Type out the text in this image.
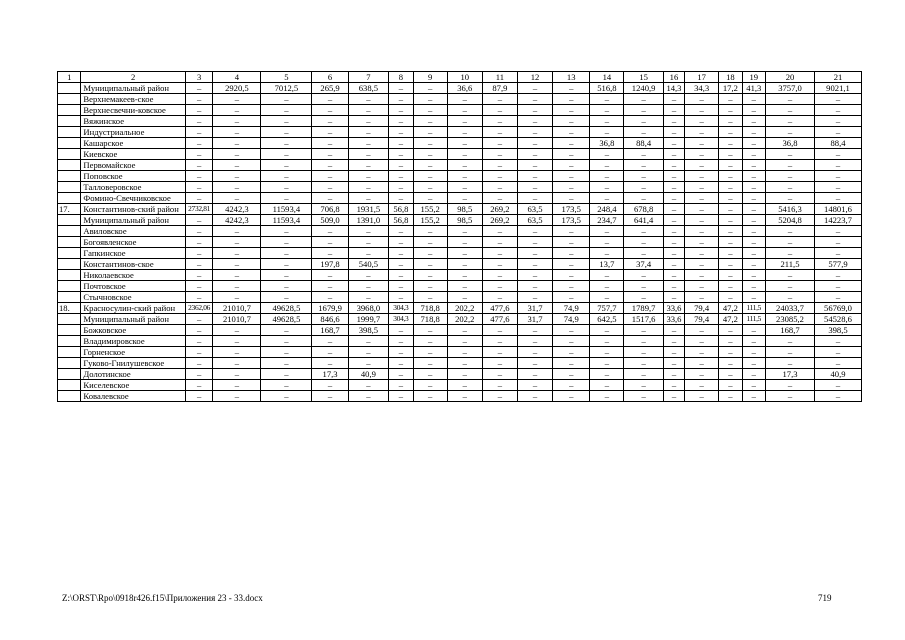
1	2	3	4	5	6	7	8	9	10	11	12	13	14	15	16	17	18	19	20	21
	Муниципальный район	–	2920,5	7012,5	265,9	638,5	–	–	36,6	87,9	–	–	516,8	1240,9	14,3	34,3	17,2	41,3	3757,0	9021,1
	Верхнемакеев-ское	–	–	–	–	–	–	–	–	–	–	–	–	–	–	–	–	–	–	–
	Верхнесвечни-ковское	–	–	–	–	–	–	–	–	–	–	–	–	–	–	–	–	–	–	–
	Вяжинское	–	–	–	–	–	–	–	–	–	–	–	–	–	–	–	–	–	–	–
	Индустриальное	–	–	–	–	–	–	–	–	–	–	–	–	–	–	–	–	–	–	–
	Кашарское	–	–	–	–	–	–	–	–	–	–	–	36,8	88,4	–	–	–	–	36,8	88,4
	Киевское	–	–	–	–	–	–	–	–	–	–	–	–	–	–	–	–	–	–	–
	Первомайское	–	–	–	–	–	–	–	–	–	–	–	–	–	–	–	–	–	–	–
	Поповское	–	–	–	–	–	–	–	–	–	–	–	–	–	–	–	–	–	–	–
	Талловеровское	–	–	–	–	–	–	–	–	–	–	–	–	–	–	–	–	–	–	–
	Фомино-Свечниковское	–	–	–	–	–	–	–	–	–	–	–	–	–	–	–	–	–	–	–
17.	Константинов-ский район	2732,81	4242,3	11593,4	706,8	1931,5	56,8	155,2	98,5	269,2	63,5	173,5	248,4	678,8	–	–	–	–	5416,3	14801,6
	Муниципальный район	–	4242,3	11593,4	509,0	1391,0	56,8	155,2	98,5	269,2	63,5	173,5	234,7	641,4	–	–	–	–	5204,8	14223,7
	Авиловское	–	–	–	–	–	–	–	–	–	–	–	–	–	–	–	–	–	–	–
	Богоявленское	–	–	–	–	–	–	–	–	–	–	–	–	–	–	–	–	–	–	–
	Гапкинское	–	–	–	–	–	–	–	–	–	–	–	–	–	–	–	–	–	–	–
	Константинов-ское	–	–	–	197,8	540,5	–	–	–	–	–	–	13,7	37,4	–	–	–	–	211,5	577,9
	Николаевское	–	–	–	–	–	–	–	–	–	–	–	–	–	–	–	–	–	–	–
	Почтовское	–	–	–	–	–	–	–	–	–	–	–	–	–	–	–	–	–	–	–
	Стычновское	–	–	–	–	–	–	–	–	–	–	–	–	–	–	–	–	–	–	–
18.	Красносулин-ский район	2362,06	21010,7	49628,5	1679,9	3968,0	304,3	718,8	202,2	477,6	31,7	74,9	757,7	1789,7	33,6	79,4	47,2	111,5	24033,7	56769,0
	Муниципальный район	–	21010,7	49628,5	846,6	1999,7	304,3	718,8	202,2	477,6	31,7	74,9	642,5	1517,6	33,6	79,4	47,2	111,5	23085,2	54528,6
	Божковское	–	–	–	168,7	398,5	–	–	–	–	–	–	–	–	–	–	–	–	168,7	398,5
	Владимировское	–	–	–	–	–	–	–	–	–	–	–	–	–	–	–	–	–	–	–
	Горненское	–	–	–	–	–	–	–	–	–	–	–	–	–	–	–	–	–	–	–
	Гуково-Гнилушевское	–	–	–	–	–	–	–	–	–	–	–	–	–	–	–	–	–	–	–
	Долотинское	–	–	–	17,3	40,9	–	–	–	–	–	–	–	–	–	–	–	–	17,3	40,9
	Киселевское	–	–	–	–	–	–	–	–	–	–	–	–	–	–	–	–	–	–	–
	Ковалевское	–	–	–	–	–	–	–	–	–	–	–	–	–	–	–	–	–	–	–
Z:\ORST\Rpo\0918r426.f15\Приложения 23 - 33.docx	719
